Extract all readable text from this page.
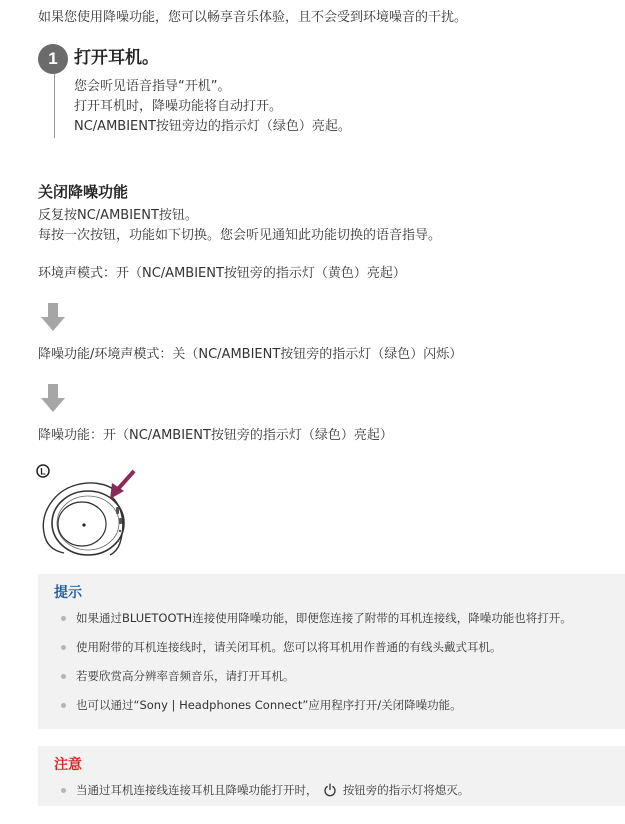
如果您使用降噪功能，您可以畅享音乐体验，且不会受到环境噪音的干扰。
1 打开耳机。
您会听见语音指导“开机”。
打开耳机时，降噪功能将自动打开。
NC/AMBIENT按钮旁边的指示灯（绿色）亮起。
关闭降噪功能
反复按NC/AMBIENT按钮。
每按一次按钮，功能如下切换。您会听见通知此功能切换的语音指导。
环境声模式：开（NC/AMBIENT按钮旁的指示灯（黄色）亮起）
降噪功能/环境声模式：关（NC/AMBIENT按钮旁的指示灯（绿色）闪烁）
降噪功能：开（NC/AMBIENT按钮旁的指示灯（绿色）亮起）
L
提示
如果通过BLUETOOTH连接使用降噪功能，即便您连接了附带的耳机连接线，降噪功能也将打开。
使用附带的耳机连接线时，请关闭耳机。您可以将耳机用作普通的有线头戴式耳机。
若要欣赏高分辨率音频音乐，请打开耳机。
也可以通过“Sony | Headphones Connect”应用程序打开/关闭降噪功能。
注意
当通过耳机连接线连接耳机且降噪功能打开时， 按钮旁的指示灯将熄灭。
